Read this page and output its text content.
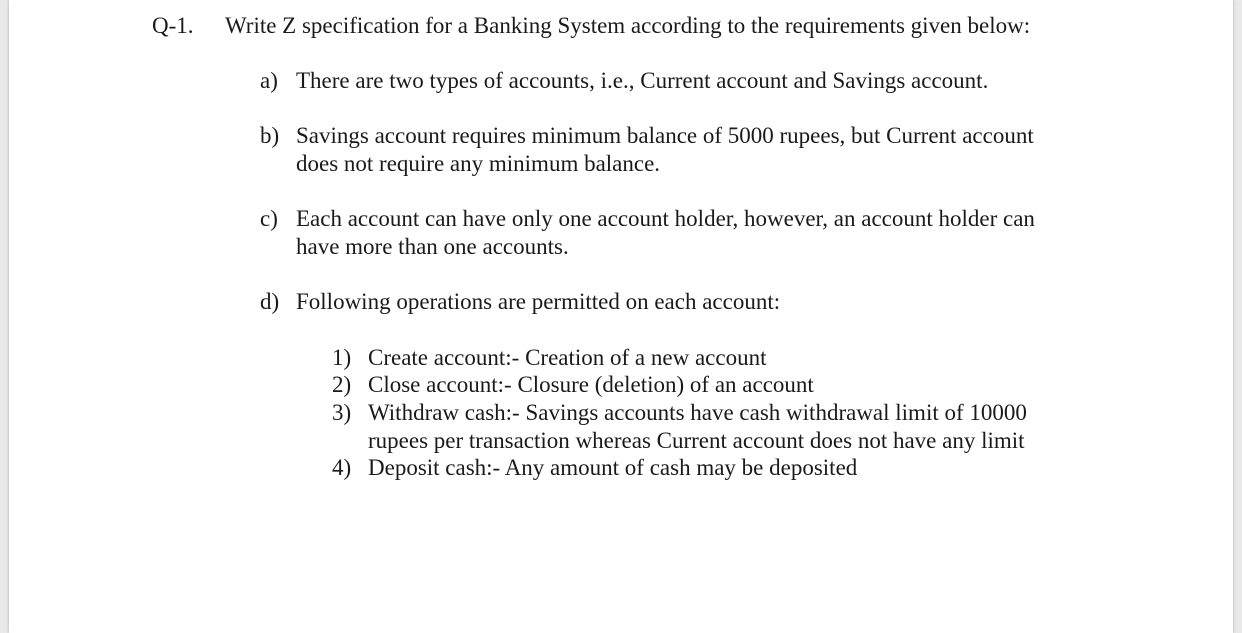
Q-1. Write Z specification for a Banking System according to the requirements given below:
a) There are two types of accounts, i.e., Current account and Savings account.
b) Savings account requires minimum balance of 5000 rupees, but Current account
does not require any minimum balance.
c) Each account can have only one account holder, however, an account holder can
have more than one accounts.
d) Following operations are permitted on each account:
1) Create account:- Creation of a new account
2) Close account:- Closure (deletion) of an account
3) Withdraw cash:- Savings accounts have cash withdrawal limit of 10000
rupees per transaction whereas Current account does not have any limit
4) Deposit cash:- Any amount of cash may be deposited
